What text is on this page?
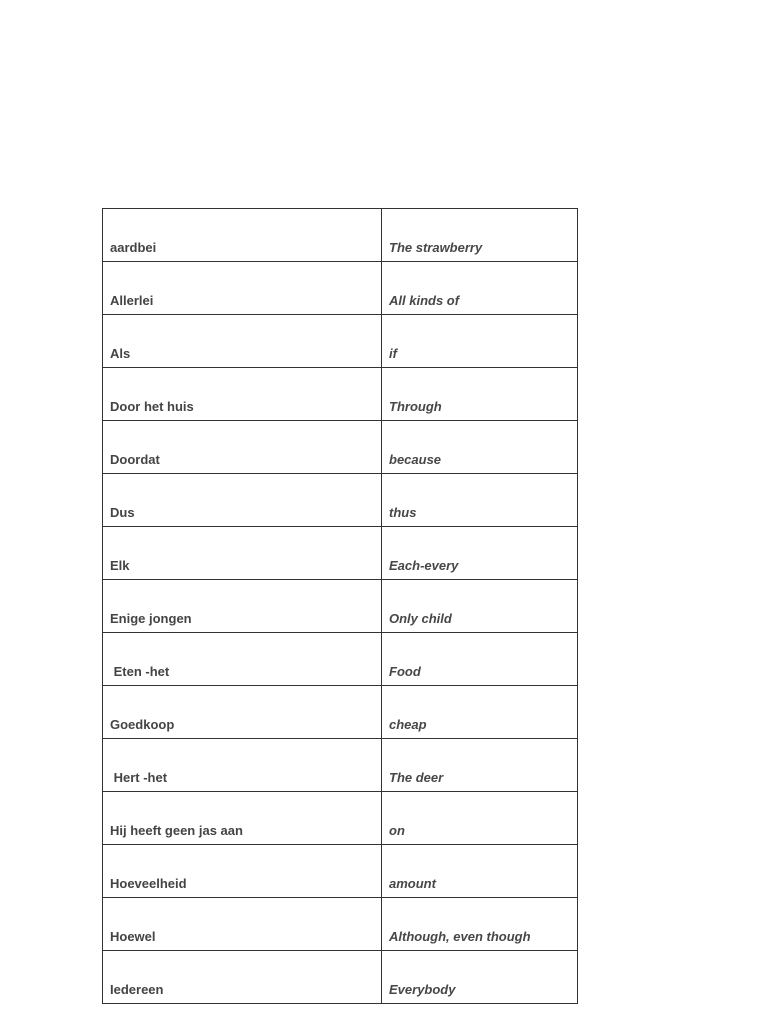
aardbei	The strawberry
Allerlei	All kinds of
Als	if
Door het huis	Through
Doordat	because
Dus	thus
Elk	Each-every
Enige jongen	Only child
Eten -het	Food
Goedkoop	cheap
Hert -het	The deer
Hij heeft geen jas aan	on
Hoeveelheid	amount
Hoewel	Although, even though
Iedereen	Everybody
